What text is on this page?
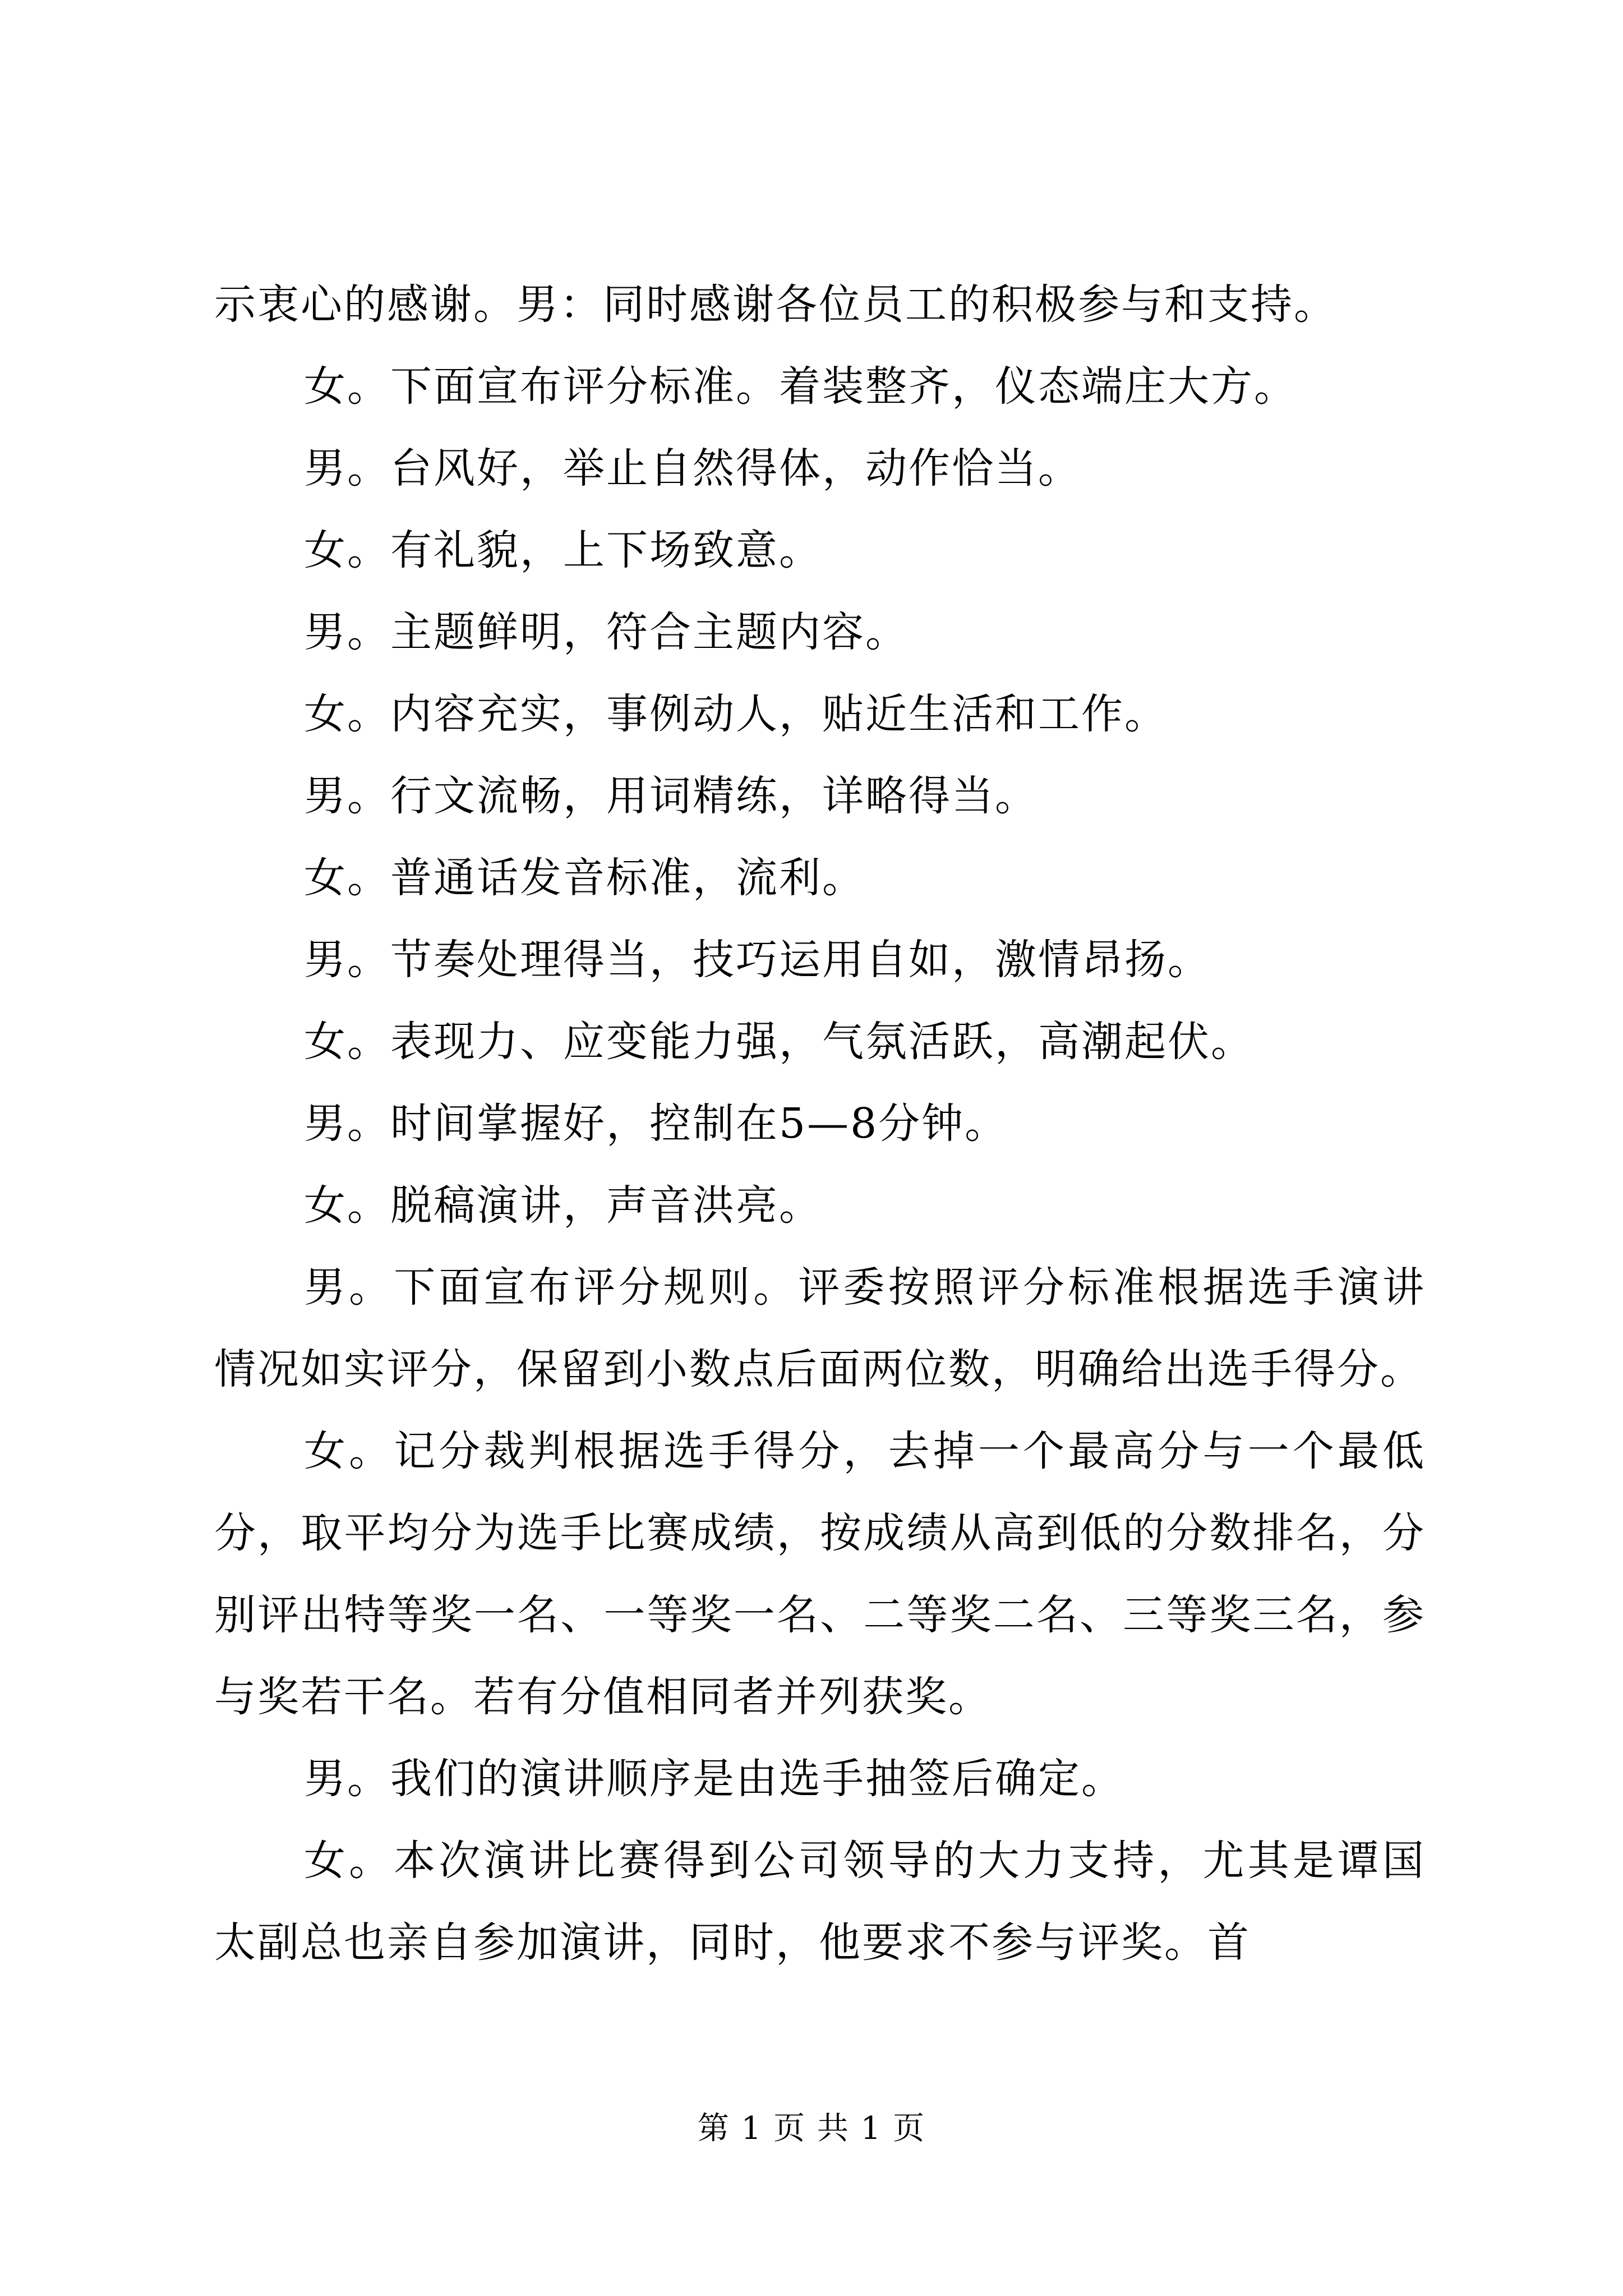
示衷心的感谢。男：同时感谢各位员工的积极参与和支持。

女。下面宣布评分标准。着装整齐，仪态端庄大方。

男。台风好，举止自然得体，动作恰当。

女。有礼貌，上下场致意。

男。主题鲜明，符合主题内容。

女。内容充实，事例动人，贴近生活和工作。

男。行文流畅，用词精练，详略得当。

女。普通话发音标准，流利。

男。节奏处理得当，技巧运用自如，激情昂扬。

女。表现力、应变能力强，气氛活跃，高潮起伏。

男。时间掌握好，控制在5—8分钟。

女。脱稿演讲，声音洪亮。

男。下面宣布评分规则。评委按照评分标准根据选手演讲情况如实评分，保留到小数点后面两位数，明确给出选手得分。

女。记分裁判根据选手得分，去掉一个最高分与一个最低分，取平均分为选手比赛成绩，按成绩从高到低的分数排名，分别评出特等奖一名、一等奖一名、二等奖二名、三等奖三名，参与奖若干名。若有分值相同者并列获奖。

男。我们的演讲顺序是由选手抽签后确定。

女。本次演讲比赛得到公司领导的大力支持，尤其是谭国太副总也亲自参加演讲，同时，他要求不参与评奖。首

第 1 页 共 1 页
